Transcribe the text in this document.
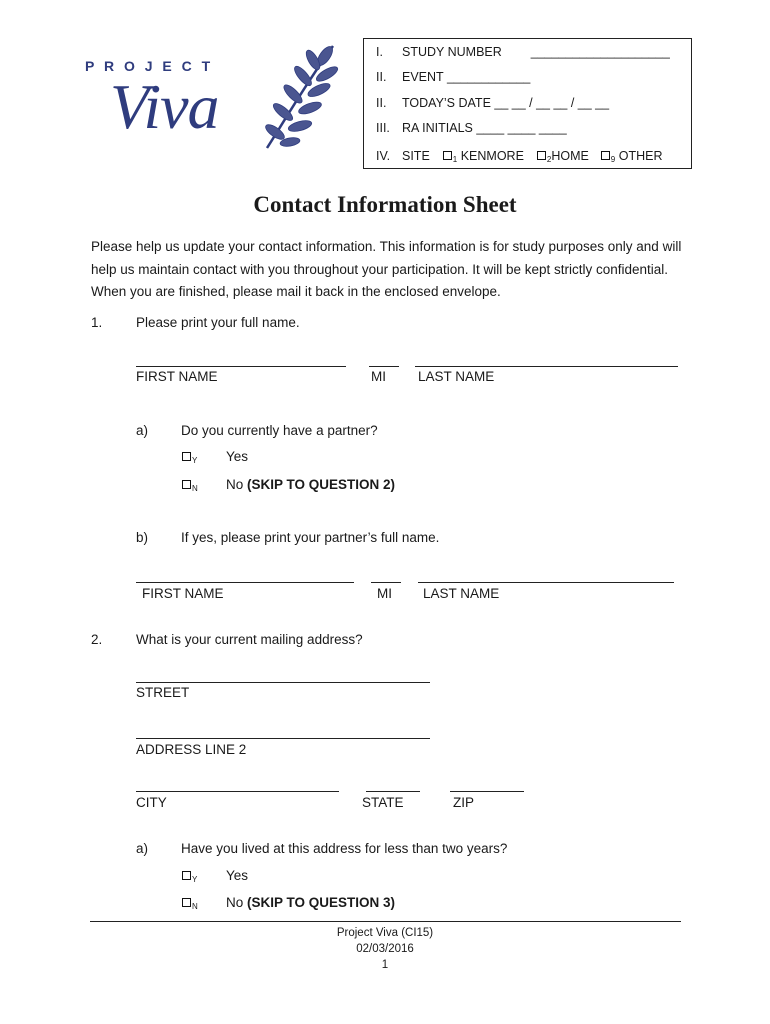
P R O J E C T
Viva
I. STUDY NUMBER ____________________
II. EVENT ____________
II. TODAY’S DATE __ __ / __ __ / __ __
III. RA INITIALS ____ ____ ____
IV. SITE	1 KENMORE	2HOME	9 OTHER
Contact Information Sheet
Please help us update your contact information. This information is for study purposes only and will help us maintain contact with you throughout your participation. It will be kept strictly confidential. When you are finished, please mail it back in the enclosed envelope.
1. Please print your full name.
FIRST NAME	MI LAST NAME
a) Do you currently have a partner?
Y Yes
N No (SKIP TO QUESTION 2)
b) If yes, please print your partner’s full name.
FIRST NAME	MI LAST NAME
2. What is your current mailing address?
STREET
ADDRESS LINE 2
CITY	STATE	ZIP
a) Have you lived at this address for less than two years?
Y Yes
N No (SKIP TO QUESTION 3)
Project Viva (CI15)
02/03/2016
1
